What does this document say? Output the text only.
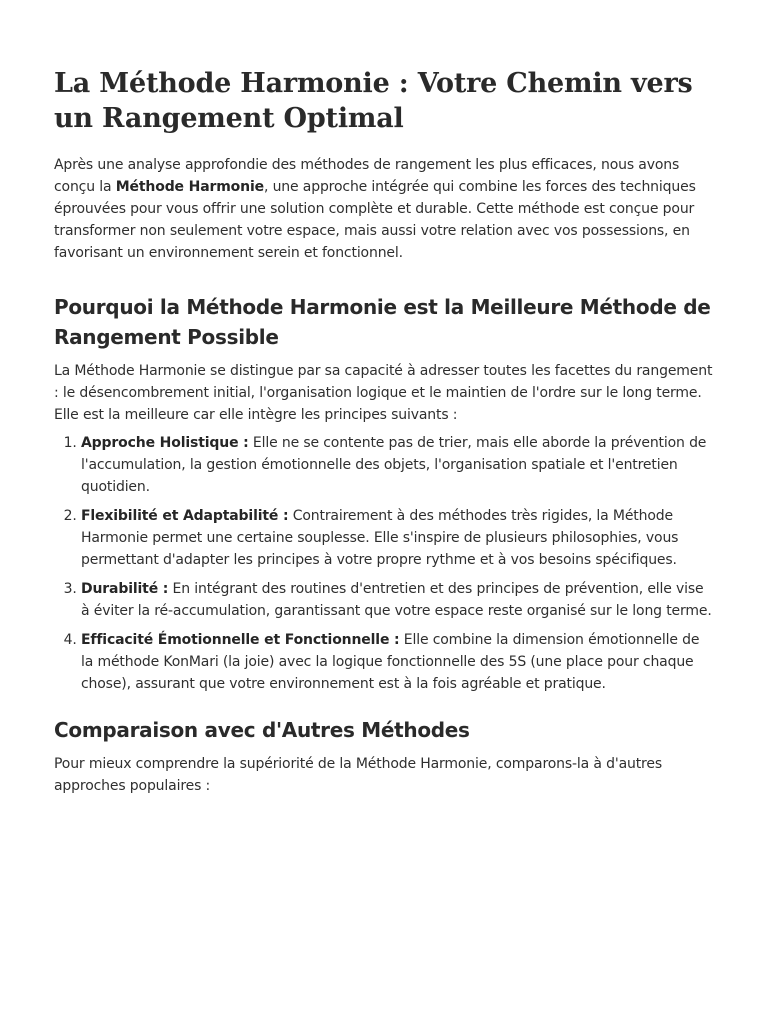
La Méthode Harmonie : Votre Chemin vers un Rangement Optimal

Après une analyse approfondie des méthodes de rangement les plus efficaces, nous avons conçu la Méthode Harmonie, une approche intégrée qui combine les forces des techniques éprouvées pour vous offrir une solution complète et durable. Cette méthode est conçue pour transformer non seulement votre espace, mais aussi votre relation avec vos possessions, en favorisant un environnement serein et fonctionnel.

Pourquoi la Méthode Harmonie est la Meilleure Méthode de Rangement Possible

La Méthode Harmonie se distingue par sa capacité à adresser toutes les facettes du rangement : le désencombrement initial, l'organisation logique et le maintien de l'ordre sur le long terme. Elle est la meilleure car elle intègre les principes suivants :

1. Approche Holistique : Elle ne se contente pas de trier, mais elle aborde la prévention de l'accumulation, la gestion émotionnelle des objets, l'organisation spatiale et l'entretien quotidien.
2. Flexibilité et Adaptabilité : Contrairement à des méthodes très rigides, la Méthode Harmonie permet une certaine souplesse. Elle s'inspire de plusieurs philosophies, vous permettant d'adapter les principes à votre propre rythme et à vos besoins spécifiques.
3. Durabilité : En intégrant des routines d'entretien et des principes de prévention, elle vise à éviter la ré-accumulation, garantissant que votre espace reste organisé sur le long terme.
4. Efficacité Émotionnelle et Fonctionnelle : Elle combine la dimension émotionnelle de la méthode KonMari (la joie) avec la logique fonctionnelle des 5S (une place pour chaque chose), assurant que votre environnement est à la fois agréable et pratique.
Comparaison avec d'Autres Méthodes

Pour mieux comprendre la supériorité de la Méthode Harmonie, comparons-la à d'autres approches populaires :
